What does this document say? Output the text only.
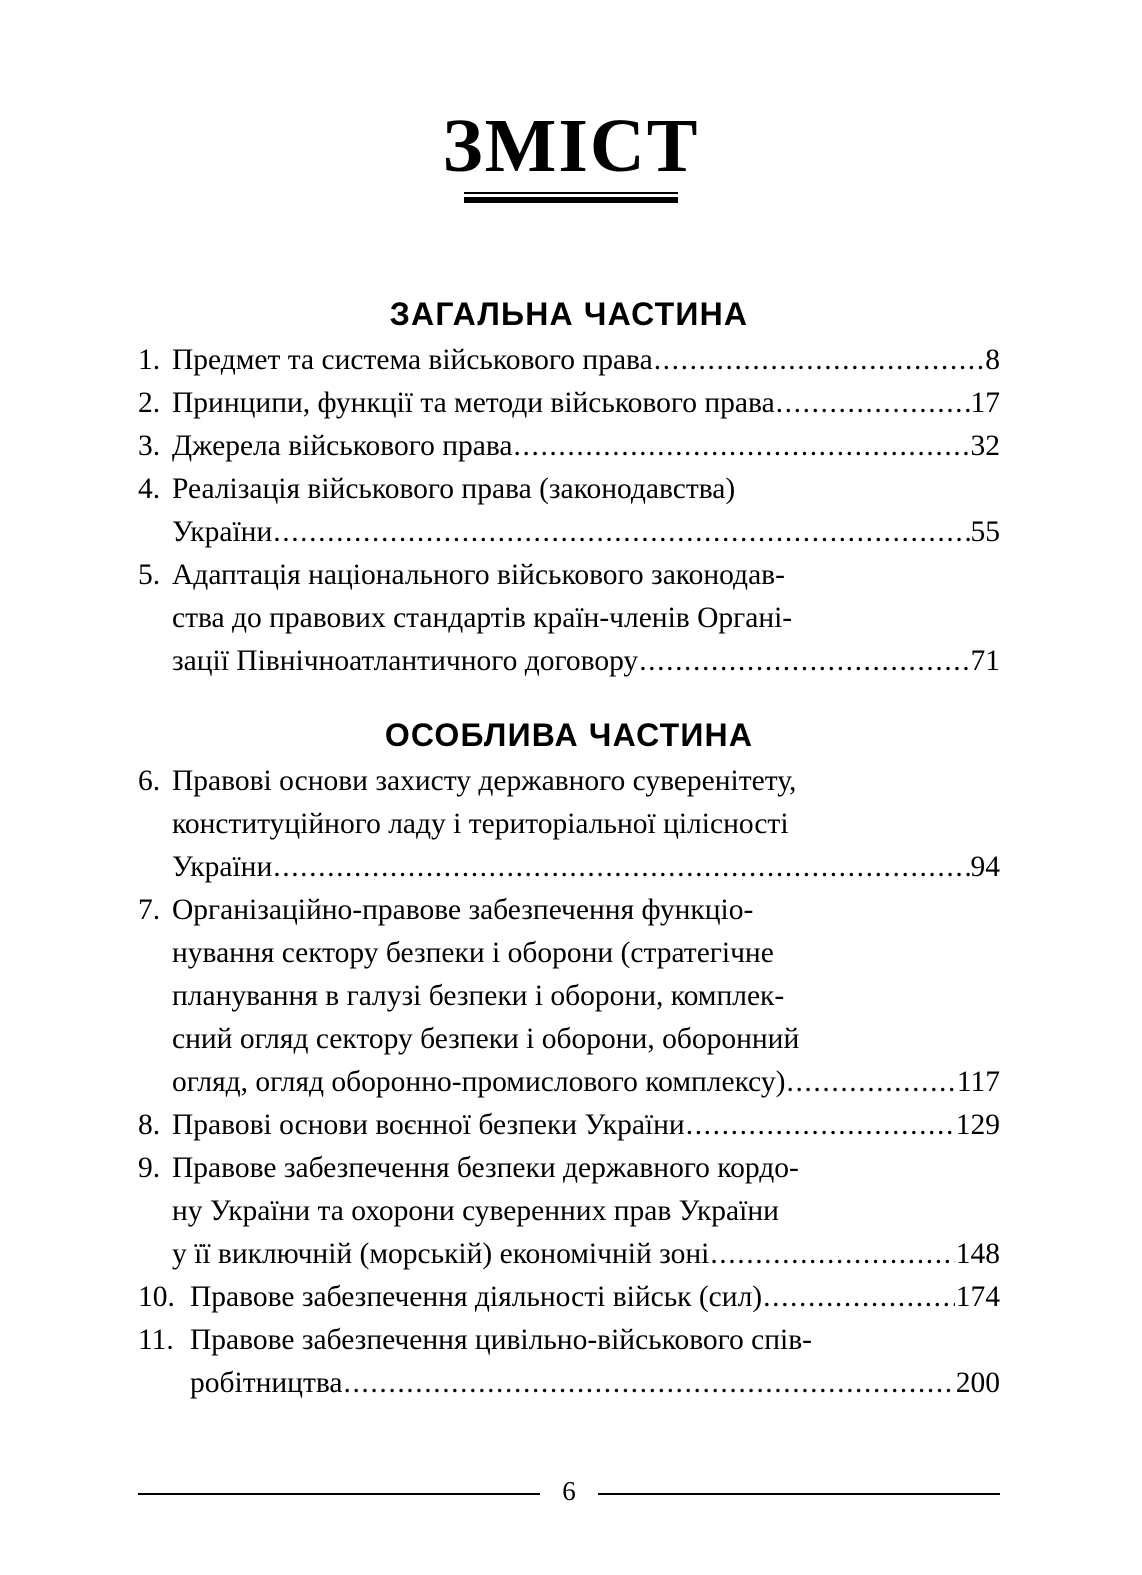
ЗМІСТ
ЗАГАЛЬНА ЧАСТИНА
1. Предмет та система військового права .....	8
2. Принципи, функції та методи військового права .....	17
3. Джерела військового права .....	32
4. Реалізація військового права (законодавства)
України .....	55
5. Адаптація національного військового законодав-
ства до правових стандартів країн-членів Органі-
зації Північноатлантичного договору .....	71
ОСОБЛИВА ЧАСТИНА
6. Правові основи захисту державного суверенітету,
конституційного ладу і територіальної цілісності
України .....	94
7. Організаційно-правове забезпечення функціо-
нування сектору безпеки і оборони (стратегічне
планування в галузі безпеки і оборони, комплек-
сний огляд сектору безпеки і оборони, оборонний
огляд, огляд оборонно-промислового комплексу) .....	117
8. Правові основи воєнної безпеки України .....	129
9. Правове забезпечення безпеки державного кордо-
ну України та охорони суверенних прав України
у її виключній (морській) економічній зоні .....	148
10. Правове забезпечення діяльності військ (сил) .....	174
11. Правове забезпечення цивільно-військового спів-
робітництва .....	200
6
